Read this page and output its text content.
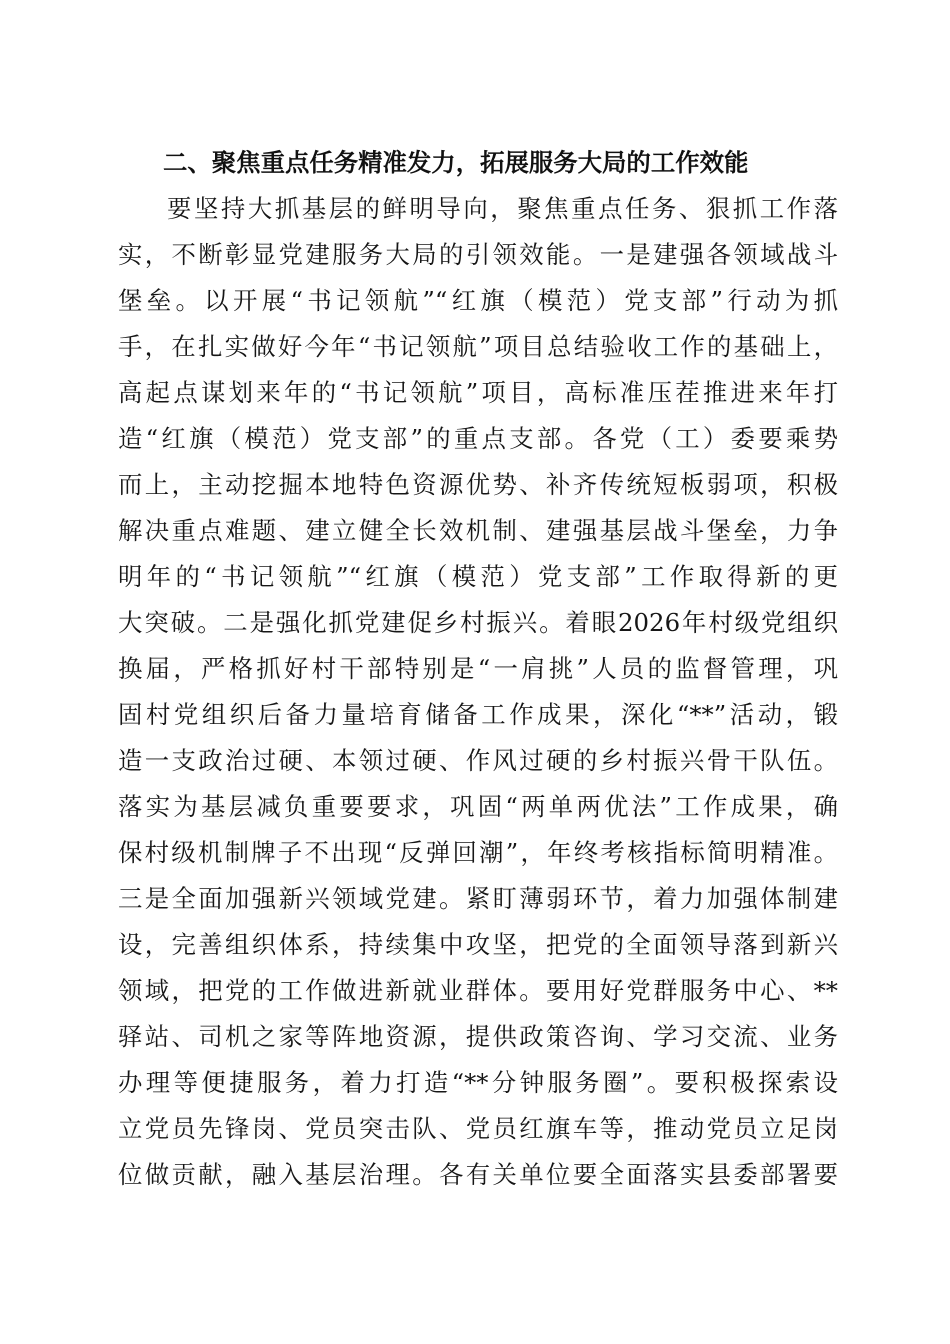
二、聚焦重点任务精准发力，拓展服务大局的工作效能
要坚持大抓基层的鲜明导向，聚焦重点任务、狠抓工作落
实，不断彰显党建服务大局的引领效能。一是建强各领域战斗
堡垒。以开展“书记领航”“红旗（模范）党支部”行动为抓
手，在扎实做好今年“书记领航”项目总结验收工作的基础上，
高起点谋划来年的“书记领航”项目，高标准压茬推进来年打
造“红旗（模范）党支部”的重点支部。各党（工）委要乘势
而上，主动挖掘本地特色资源优势、补齐传统短板弱项，积极
解决重点难题、建立健全长效机制、建强基层战斗堡垒，力争
明年的“书记领航”“红旗（模范）党支部”工作取得新的更
大突破。二是强化抓党建促乡村振兴。着眼2026年村级党组织
换届，严格抓好村干部特别是“一肩挑”人员的监督管理，巩
固村党组织后备力量培育储备工作成果，深化“**”活动，锻
造一支政治过硬、本领过硬、作风过硬的乡村振兴骨干队伍。
落实为基层减负重要要求，巩固“两单两优法”工作成果，确
保村级机制牌子不出现“反弹回潮”，年终考核指标简明精准。
三是全面加强新兴领域党建。紧盯薄弱环节，着力加强体制建
设，完善组织体系，持续集中攻坚，把党的全面领导落到新兴
领域，把党的工作做进新就业群体。要用好党群服务中心、**
驿站、司机之家等阵地资源，提供政策咨询、学习交流、业务
办理等便捷服务，着力打造“**分钟服务圈”。要积极探索设
立党员先锋岗、党员突击队、党员红旗车等，推动党员立足岗
位做贡献，融入基层治理。各有关单位要全面落实县委部署要
